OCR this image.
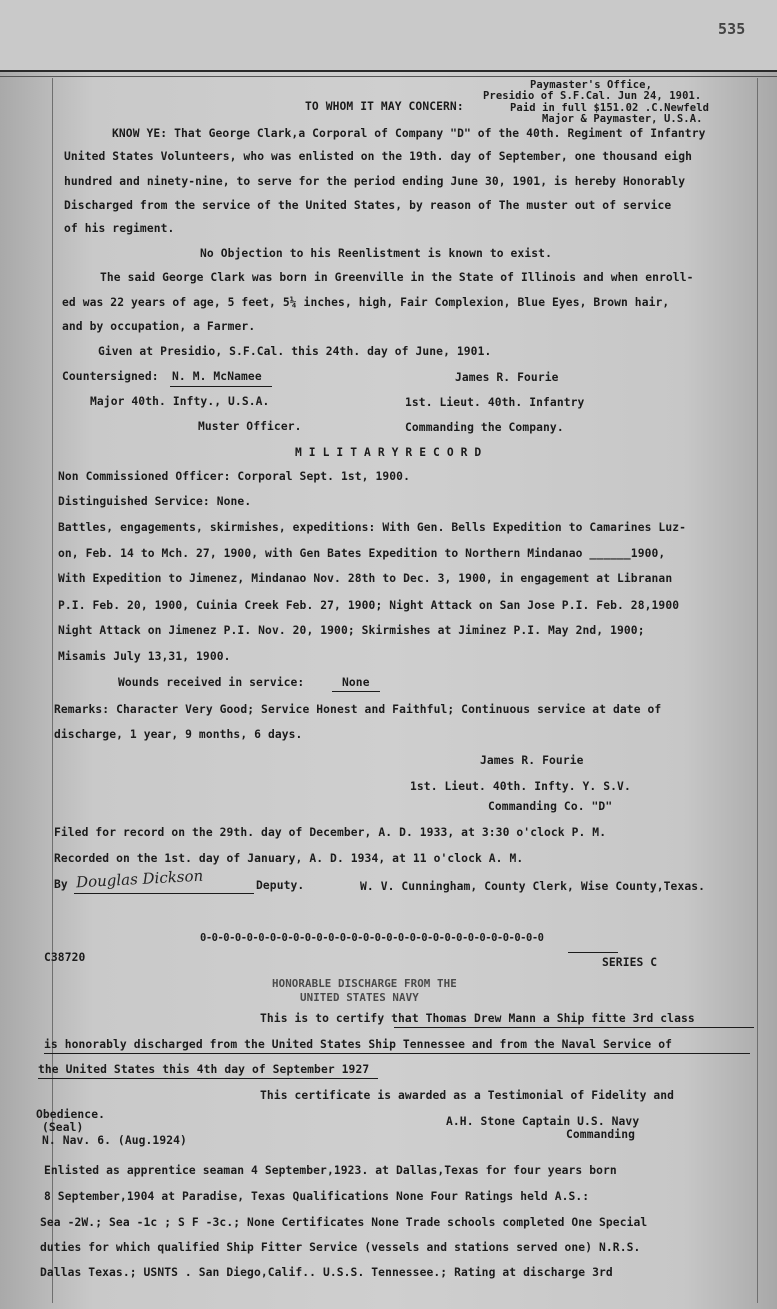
535
Paymaster's Office,
Presidio of S.F.Cal. Jun 24, 1901.
TO WHOM IT MAY CONCERN:	Paid in full $151.02 .C.Newfeld
Major & Paymaster, U.S.A.
KNOW YE: That George Clark,a Corporal of Company "D" of the 40th. Regiment of Infantry
United States Volunteers, who was enlisted on the 19th. day of September, one thousand eigh
hundred and ninety-nine, to serve for the period ending June 30, 1901, is hereby Honorably
Discharged from the service of the United States, by reason of The muster out of service
of his regiment.
No Objection to his Reenlistment is known to exist.
The said George Clark was born in Greenville in the State of Illinois and when enroll-
ed was 22 years of age, 5 feet, 5¼ inches, high, Fair Complexion, Blue Eyes, Brown hair,
and by occupation, a Farmer.
Given at Presidio, S.F.Cal. this 24th. day of June, 1901.
Countersigned: N. M. McNamee	James R. Fourie
Major 40th. Infty., U.S.A.	1st. Lieut. 40th. Infantry
Muster Officer.	Commanding the Company.
M I L I T A R Y R E C O R D
Non Commissioned Officer: Corporal Sept. 1st, 1900.
Distinguished Service: None.
Battles, engagements, skirmishes, expeditions: With Gen. Bells Expedition to Camarines Luz-
on, Feb. 14 to Mch. 27, 1900, with Gen Bates Expedition to Northern Mindanao ______1900,
With Expedition to Jimenez, Mindanao Nov. 28th to Dec. 3, 1900, in engagement at Libranan
P.I. Feb. 20, 1900, Cuinia Creek Feb. 27, 1900; Night Attack on San Jose P.I. Feb. 28,1900
Night Attack on Jimenez P.I. Nov. 20, 1900; Skirmishes at Jiminez P.I. May 2nd, 1900;
Misamis July 13,31, 1900.
Wounds received in service:	None
Remarks: Character Very Good; Service Honest and Faithful; Continuous service at date of
discharge, 1 year, 9 months, 6 days.
James R. Fourie
1st. Lieut. 40th. Infty. Y. S.V.
Commanding Co. "D"
Filed for record on the 29th. day of December, A. D. 1933, at 3:30 o'clock P. M.
Recorded on the 1st. day of January, A. D. 1934, at 11 o'clock A. M.
By Douglas Dickson	Deputy.	W. V. Cunningham, County Clerk, Wise County,Texas.
0-0-0-0-0-0-0-0-0-0-0-0-0-0-0-0-0-0-0-0-0-0-0-0-0-0-0-0-0-0
C38720	SERIES C
HONORABLE DISCHARGE FROM THE
UNITED STATES NAVY
This is to certify that Thomas Drew Mann a Ship fitte 3rd class
is honorably discharged from the United States Ship Tennessee and from the Naval Service of
the United States this 4th day of September 1927
This certificate is awarded as a Testimonial of Fidelity and
Obedience.
(Seal)	A.H. Stone Captain U.S. Navy
Commanding
N. Nav. 6. (Aug.1924)
Enlisted as apprentice seaman 4 September,1923. at Dallas,Texas for four years born
8 September,1904 at Paradise, Texas Qualifications None Four Ratings held A.S.:
Sea -2W.; Sea -1c ; S F -3c.; None Certificates None Trade schools completed One Special
duties for which qualified Ship Fitter Service (vessels and stations served one) N.R.S.
Dallas Texas.; USNTS . San Diego,Calif.. U.S.S. Tennessee.; Rating at discharge 3rd
